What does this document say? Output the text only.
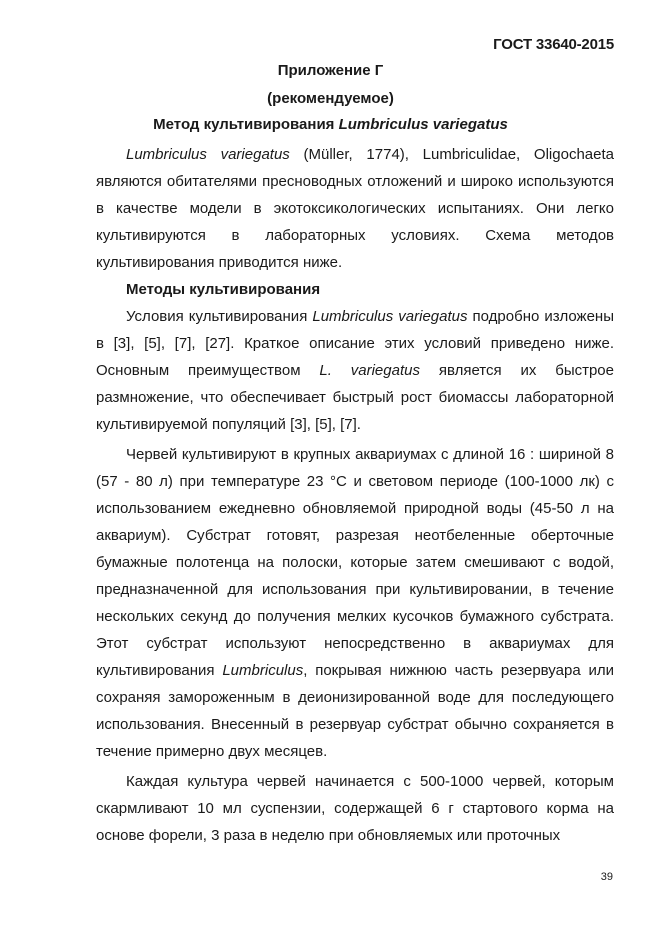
ГОСТ 33640-2015
Приложение Г
(рекомендуемое)
Метод культивирования Lumbriculus variegatus

Lumbriculus variegatus (Müller, 1774), Lumbriculidae, Oligochaeta являются обитателями пресноводных отложений и широко используются в качестве модели в экотоксикологических испытаниях. Они легко культивируются в лабораторных условиях. Схема методов культивирования приводится ниже.

Методы культивирования

Условия культивирования Lumbriculus variegatus подробно изложены в [3], [5], [7], [27]. Краткое описание этих условий приведено ниже. Основным преимуществом L. variegatus является их быстрое размножение, что обеспечивает быстрый рост биомассы лабораторной культивируемой популяций [3], [5], [7].

Червей культивируют в крупных аквариумах с длиной 16 : шириной 8 (57 - 80 л) при температуре 23 °С и световом периоде (100-1000 лк) с использованием ежедневно обновляемой природной воды (45-50 л на аквариум). Субстрат готовят, разрезая неотбеленные оберточные бумажные полотенца на полоски, которые затем смешивают с водой, предназначенной для использования при культивировании, в течение нескольких секунд до получения мелких кусочков бумажного субстрата. Этот субстрат используют непосредственно в аквариумах для культивирования Lumbriculus, покрывая нижнюю часть резервуара или сохраняя замороженным в деионизированной воде для последующего использования. Внесенный в резервуар субстрат обычно сохраняется в течение примерно двух месяцев.

Каждая культура червей начинается с 500-1000 червей, которым скармливают 10 мл суспензии, содержащей 6 г стартового корма на основе форели, 3 раза в неделю при обновляемых или проточных

39
